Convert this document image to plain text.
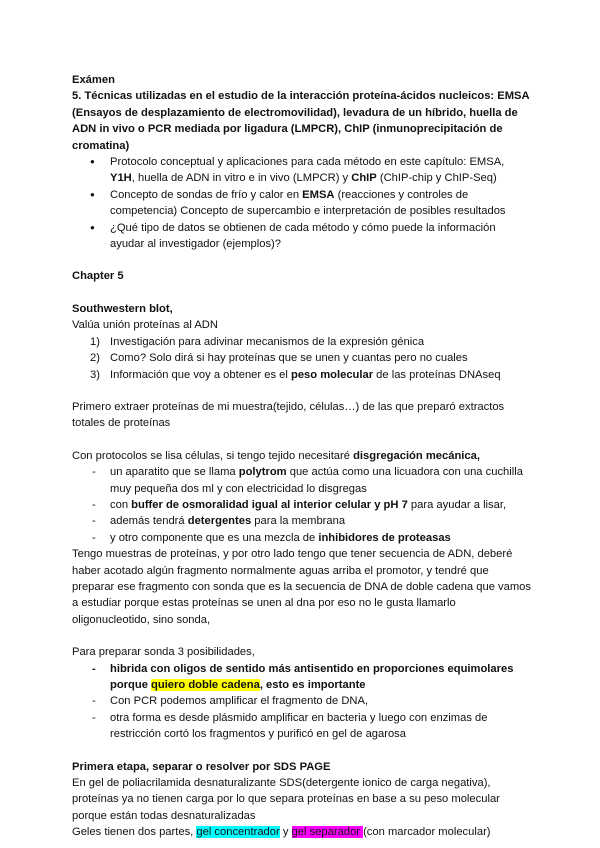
Exámen

5. Técnicas utilizadas en el estudio de la interacción proteína-ácidos nucleicos: EMSA (Ensayos de desplazamiento de electromovilidad), levadura de un híbrido, huella de ADN in vivo o PCR mediada por ligadura (LMPCR), ChIP (inmunoprecipitación de cromatina)

● Protocolo conceptual y aplicaciones para cada método en este capítulo: EMSA, Y1H, huella de ADN in vitro e in vivo (LMPCR) y ChIP (ChIP-chip y ChIP-Seq)
● Concepto de sondas de frío y calor en EMSA (reacciones y controles de competencia) Concepto de supercambio e interpretación de posibles resultados
● ¿Qué tipo de datos se obtienen de cada método y cómo puede la información ayudar al investigador (ejemplos)?

Chapter 5

Southwestern blot,

Valúa unión proteínas al ADN

1) Investigación para adivinar mecanismos de la expresión génica
2) Como? Solo dirá si hay proteínas que se unen y cuantas pero no cuales
3) Información que voy a obtener es el peso molecular de las proteínas DNAseq

Primero extraer proteínas de mi muestra(tejido, células…) de las que preparó extractos totales de proteínas

Con protocolos se lisa células, si tengo tejido necesitaré disgregación mecánica,

- un aparatito que se llama polytrom que actúa como una licuadora con una cuchilla muy pequeña dos ml y con electricidad lo disgregas
- con buffer de osmoralidad igual al interior celular y pH 7 para ayudar a lisar,
- además tendrá detergentes para la membrana
- y otro componente que es una mezcla de inhibidores de proteasas

Tengo muestras de proteínas, y por otro lado tengo que tener secuencia de ADN, deberé haber acotado algún fragmento normalmente aguas arriba el promotor, y tendré que preparar ese fragmento con sonda que es la secuencia de DNA de doble cadena que vamos a estudiar porque estas proteínas se unen al dna por eso no le gusta llamarlo oligonucleotido, sino sonda,

Para preparar sonda 3 posibilidades,

- hibrida con oligos de sentido más antisentido en proporciones equimolares porque quiero doble cadena, esto es importante
- Con PCR podemos amplificar el fragmento de DNA,
- otra forma es desde plásmido amplificar en bacteria y luego con enzimas de restricción cortó los fragmentos y purificó en gel de agarosa

Primera etapa, separar o resolver por SDS PAGE

En gel de poliacrilamida desnaturalizante SDS(detergente ionico de carga negativa), proteínas ya no tienen carga por lo que separa proteínas en base a su peso molecular porque están todas desnaturalizadas

Geles tienen dos partes, gel concentrador y gel separador (con marcador molecular)
